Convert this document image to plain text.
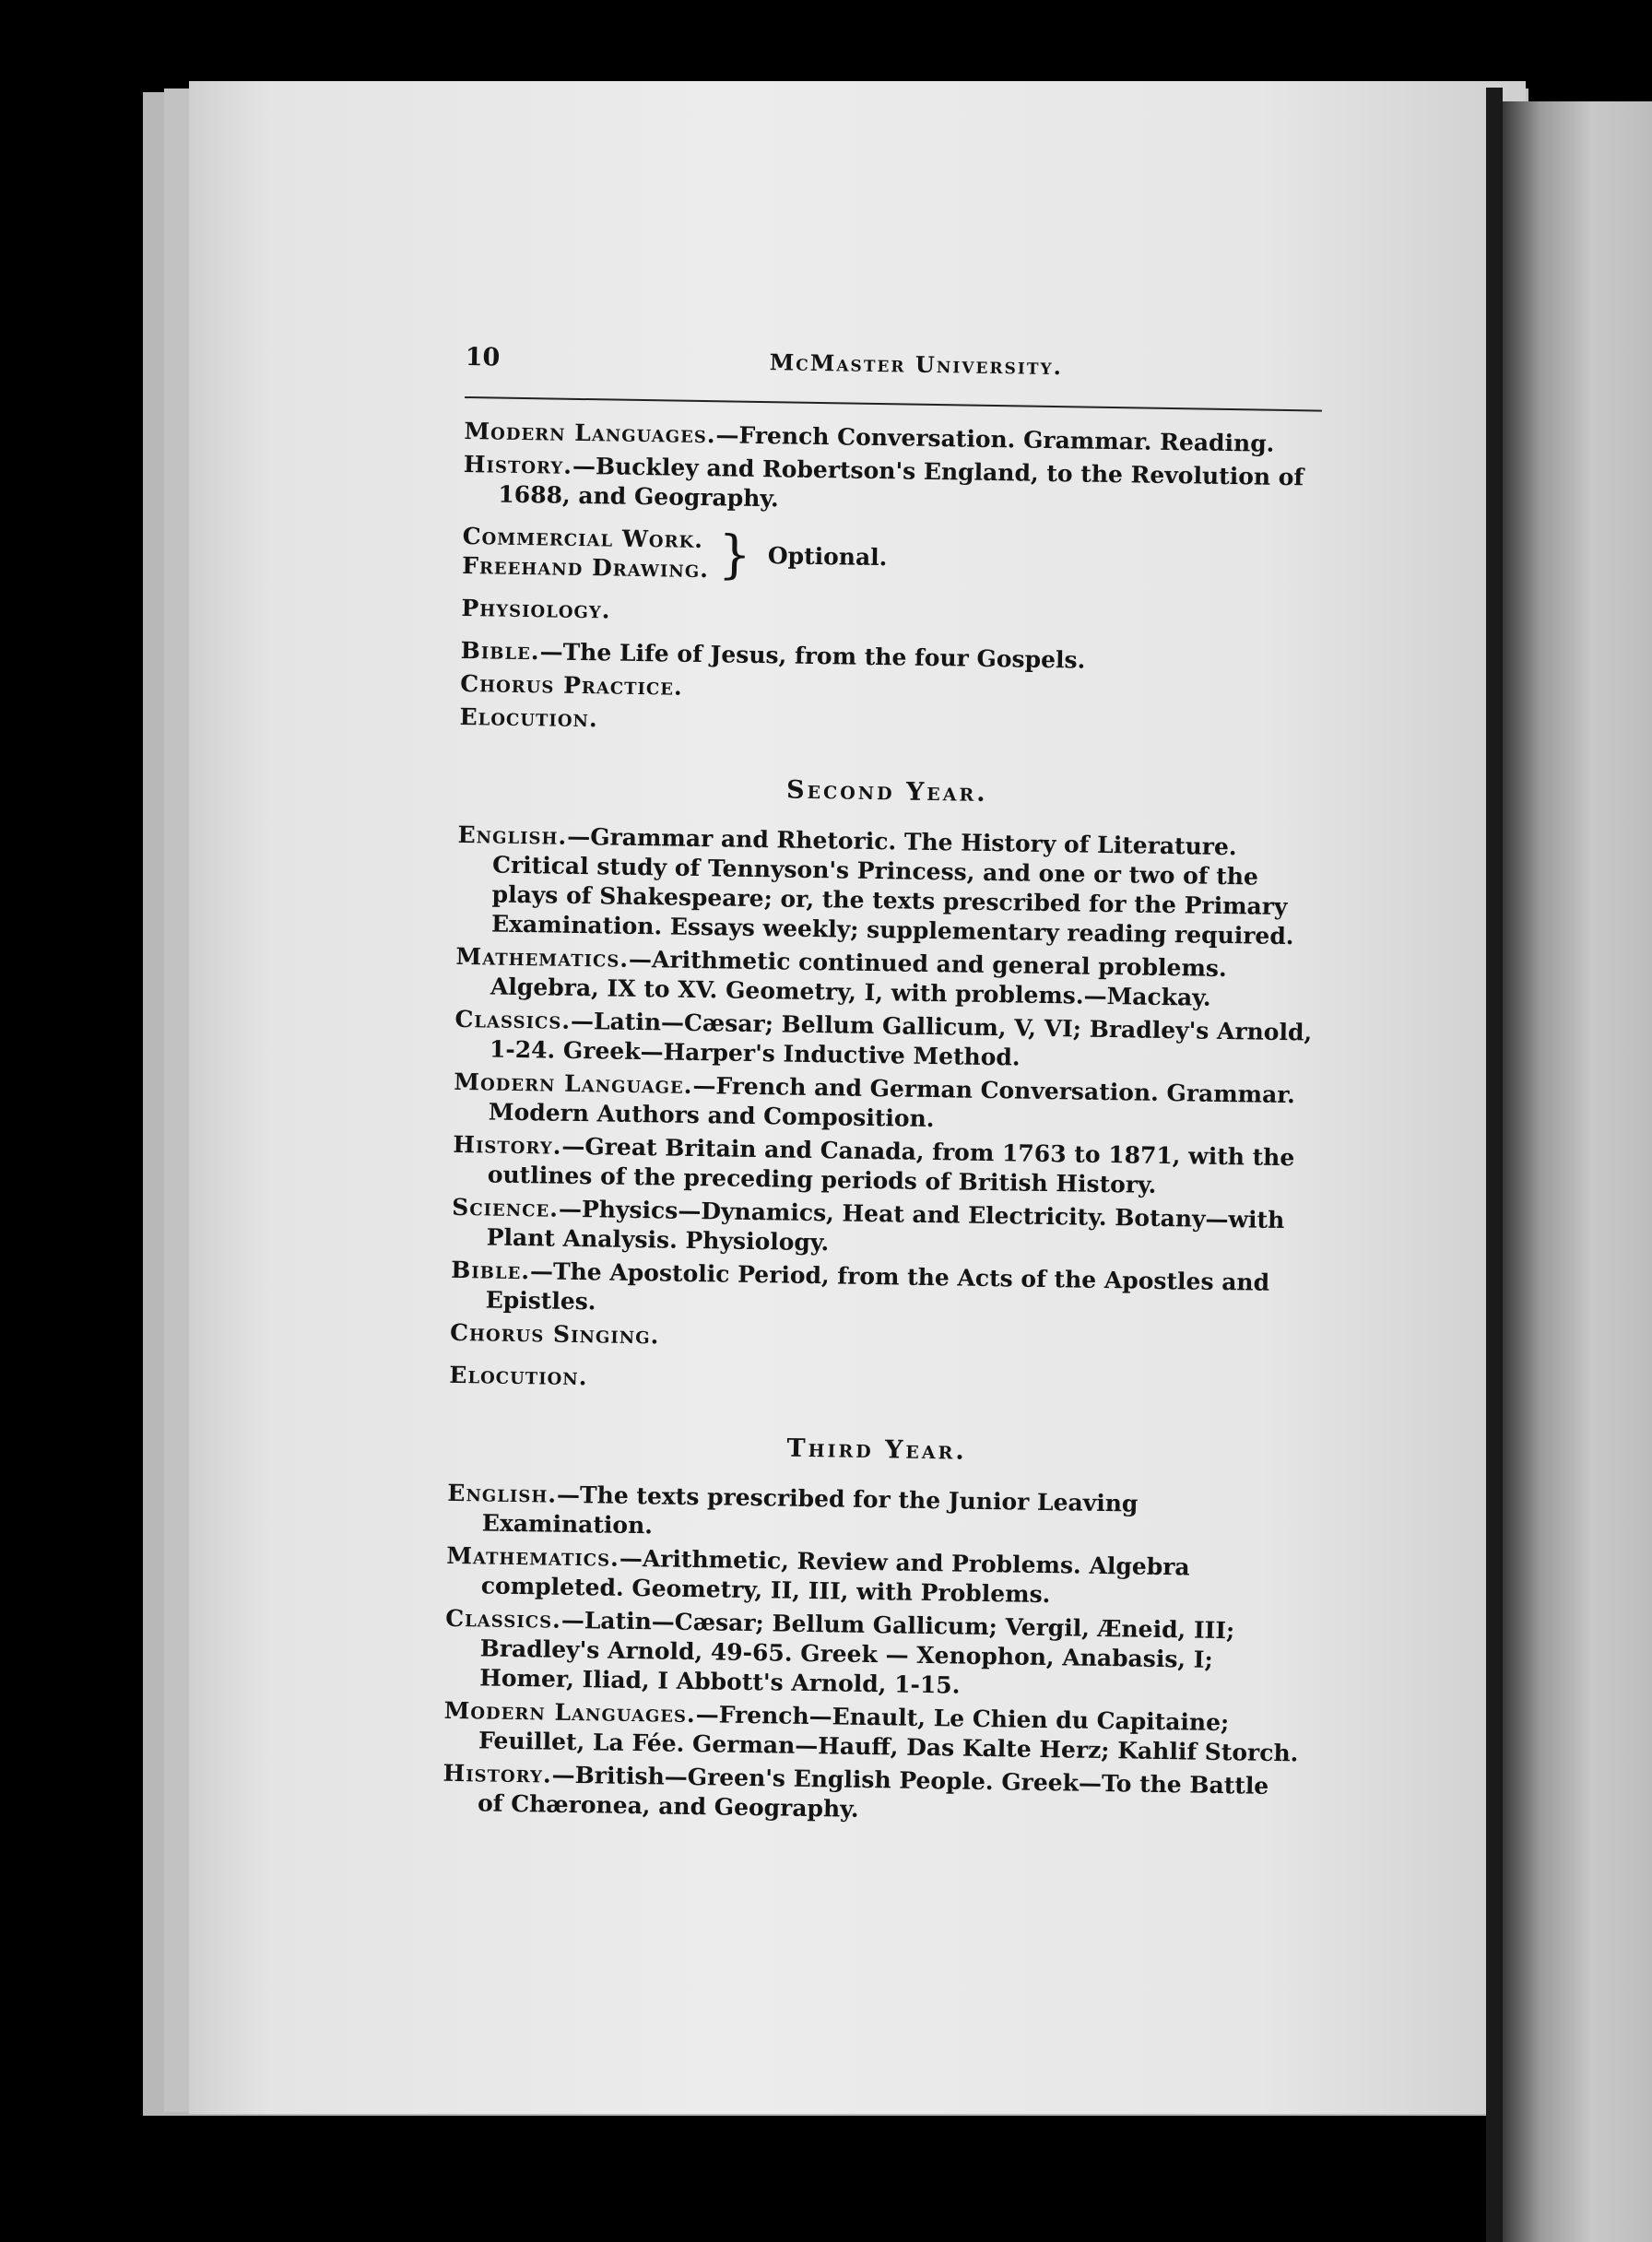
10	McMaster University.
Modern Languages.—French Conversation. Grammar. Reading.
History.—Buckley and Robertson's England, to the Revolution of 1688, and Geography.
Commercial Work.
Freehand Drawing. } Optional.
Physiology.
Bible.—The Life of Jesus, from the four Gospels.
Chorus Practice.
Elocution.
Second Year.
English.—Grammar and Rhetoric. The History of Literature. Critical study of Tennyson's Princess, and one or two of the plays of Shakespeare; or, the texts prescribed for the Primary Examination. Essays weekly; supplementary reading required.
Mathematics.—Arithmetic continued and general problems. Algebra, IX to XV. Geometry, I, with problems.—Mackay.
Classics.—Latin—Cæsar; Bellum Gallicum, V, VI; Bradley's Arnold, 1-24. Greek—Harper's Inductive Method.
Modern Language.—French and German Conversation. Grammar. Modern Authors and Composition.
History.—Great Britain and Canada, from 1763 to 1871, with the outlines of the preceding periods of British History.
Science.—Physics—Dynamics, Heat and Electricity. Botany—with Plant Analysis. Physiology.
Bible.—The Apostolic Period, from the Acts of the Apostles and Epistles.
Chorus Singing.
Elocution.
Third Year.
English.—The texts prescribed for the Junior Leaving Examination.
Mathematics.—Arithmetic, Review and Problems. Algebra completed. Geometry, II, III, with Problems.
Classics.—Latin—Cæsar; Bellum Gallicum; Vergil, Æneid, III; Bradley's Arnold, 49-65. Greek — Xenophon, Anabasis, I; Homer, Iliad, I Abbott's Arnold, 1-15.
Modern Languages.—French—Enault, Le Chien du Capitaine; Feuillet, La Fée. German—Hauff, Das Kalte Herz; Kahlif Storch.
History.—British—Green's English People. Greek—To the Battle of Chæronea, and Geography.
